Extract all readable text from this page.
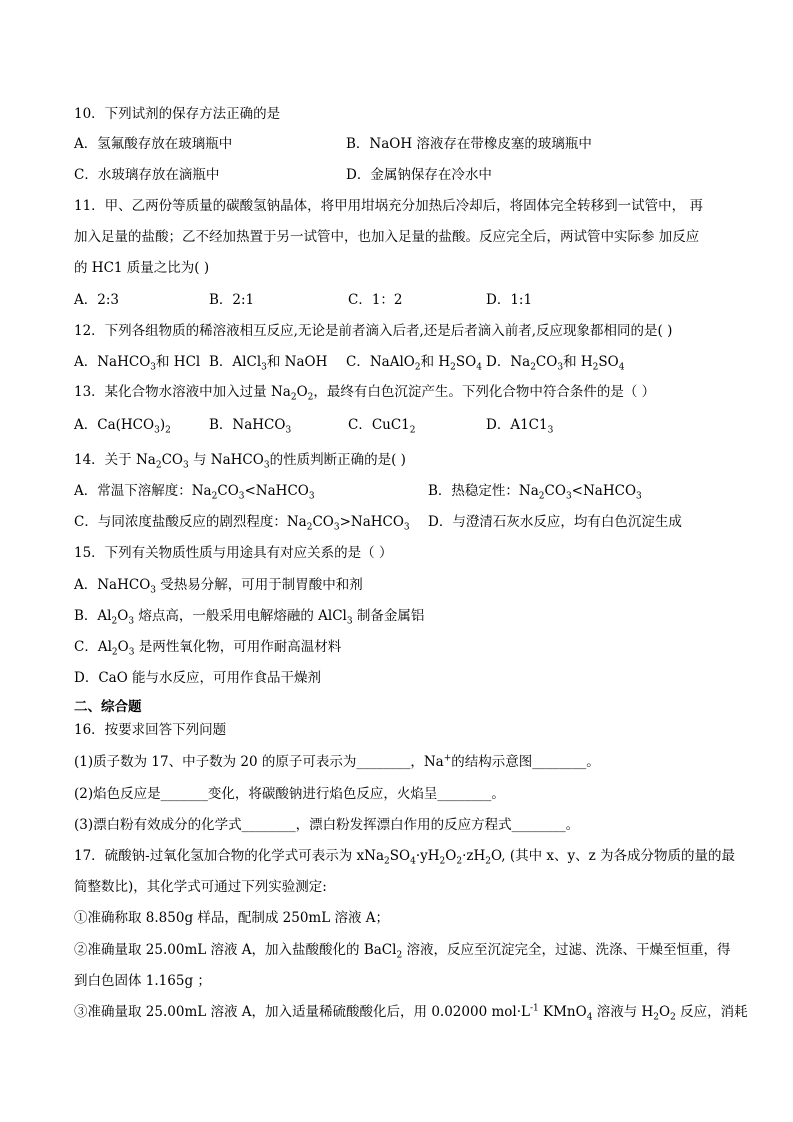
10．下列试剂的保存方法正确的是
A．氢氟酸存放在玻璃瓶中	B．NaOH 溶液存在带橡皮塞的玻璃瓶中
C．水玻璃存放在滴瓶中	D．金属钠保存在冷水中
11．甲、乙两份等质量的碳酸氢钠晶体，将甲用坩埚充分加热后冷却后，将固体完全转移到一试管中， 再
加入足量的盐酸；乙不经加热置于另一试管中，也加入足量的盐酸。反应完全后，两试管中实际参 加反应
的 HC1 质量之比为( )
A．2:3	B．2:1	C．1：2	D．1:1
12．下列各组物质的稀溶液相互反应,无论是前者滴入后者,还是后者滴入前者,反应现象都相同的是( )
A．NaHCO$_3$和 HCl B．AlCl$_3$和 NaOH C．NaAlO$_2$和 $H_2SO_4$ D．$Na_2CO_3$和 $H_2SO_4$
13．某化合物水溶液中加入过量 $Na_2O_2$，最终有白色沉淀产生。下列化合物中符合条件的是（ ）
A．$Ca(HCO_3)_2$	B．NaHCO$_3$	C．$CuC1_2$	D．$A1C1_3$
14．关于 $Na_2CO_3$ 与 NaHCO$_3$的性质判断正确的是( )
A．常温下溶解度：$Na_2CO_3<NaHCO_3$	B．热稳定性：$Na_2CO_3<NaHCO_3$
C．与同浓度盐酸反应的剧烈程度：$Na_2CO_3>NaHCO_3$ D．与澄清石灰水反应，均有白色沉淀生成
15．下列有关物质性质与用途具有对应关系的是（ ）
A．NaHCO$_3$ 受热易分解，可用于制胃酸中和剂
B．$Al_2O_3$ 熔点高，一般采用电解熔融的 AlCl$_3$ 制备金属铝
C．$Al_2O_3$ 是两性氧化物，可用作耐高温材料
D．CaO 能与水反应，可用作食品干燥剂
二、综合题
16．按要求回答下列问题
(1)质子数为 17、中子数为 20 的原子可表示为________，Na+的结构示意图________。
(2)焰色反应是_______变化，将碳酸钠进行焰色反应，火焰呈________。
(3)漂白粉有效成分的化学式________，漂白粉发挥漂白作用的反应方程式________。
17．硫酸钠-过氧化氢加合物的化学式可表示为 $xNa_2SO_4\cdot yH_2O_2\cdot zH_2O$, (其中 x、y、z 为各成分物质的量的最
简整数比)，其化学式可通过下列实验测定:
①准确称取 8.850g 样品，配制成 250mL 溶液 A；
②准确量取 25.00mL 溶液 A，加入盐酸酸化的 BaCl$_2$ 溶液，反应至沉淀完全，过滤、洗涤、干燥至恒重，得
到白色固体 1.165g ；
③准确量取 25.00mL 溶液 A，加入适量稀硫酸酸化后，用 0.02000 $mol\cdot L^{-1}$ KMnO$_4$ 溶液与 $H_2O_2$ 反应，消耗
